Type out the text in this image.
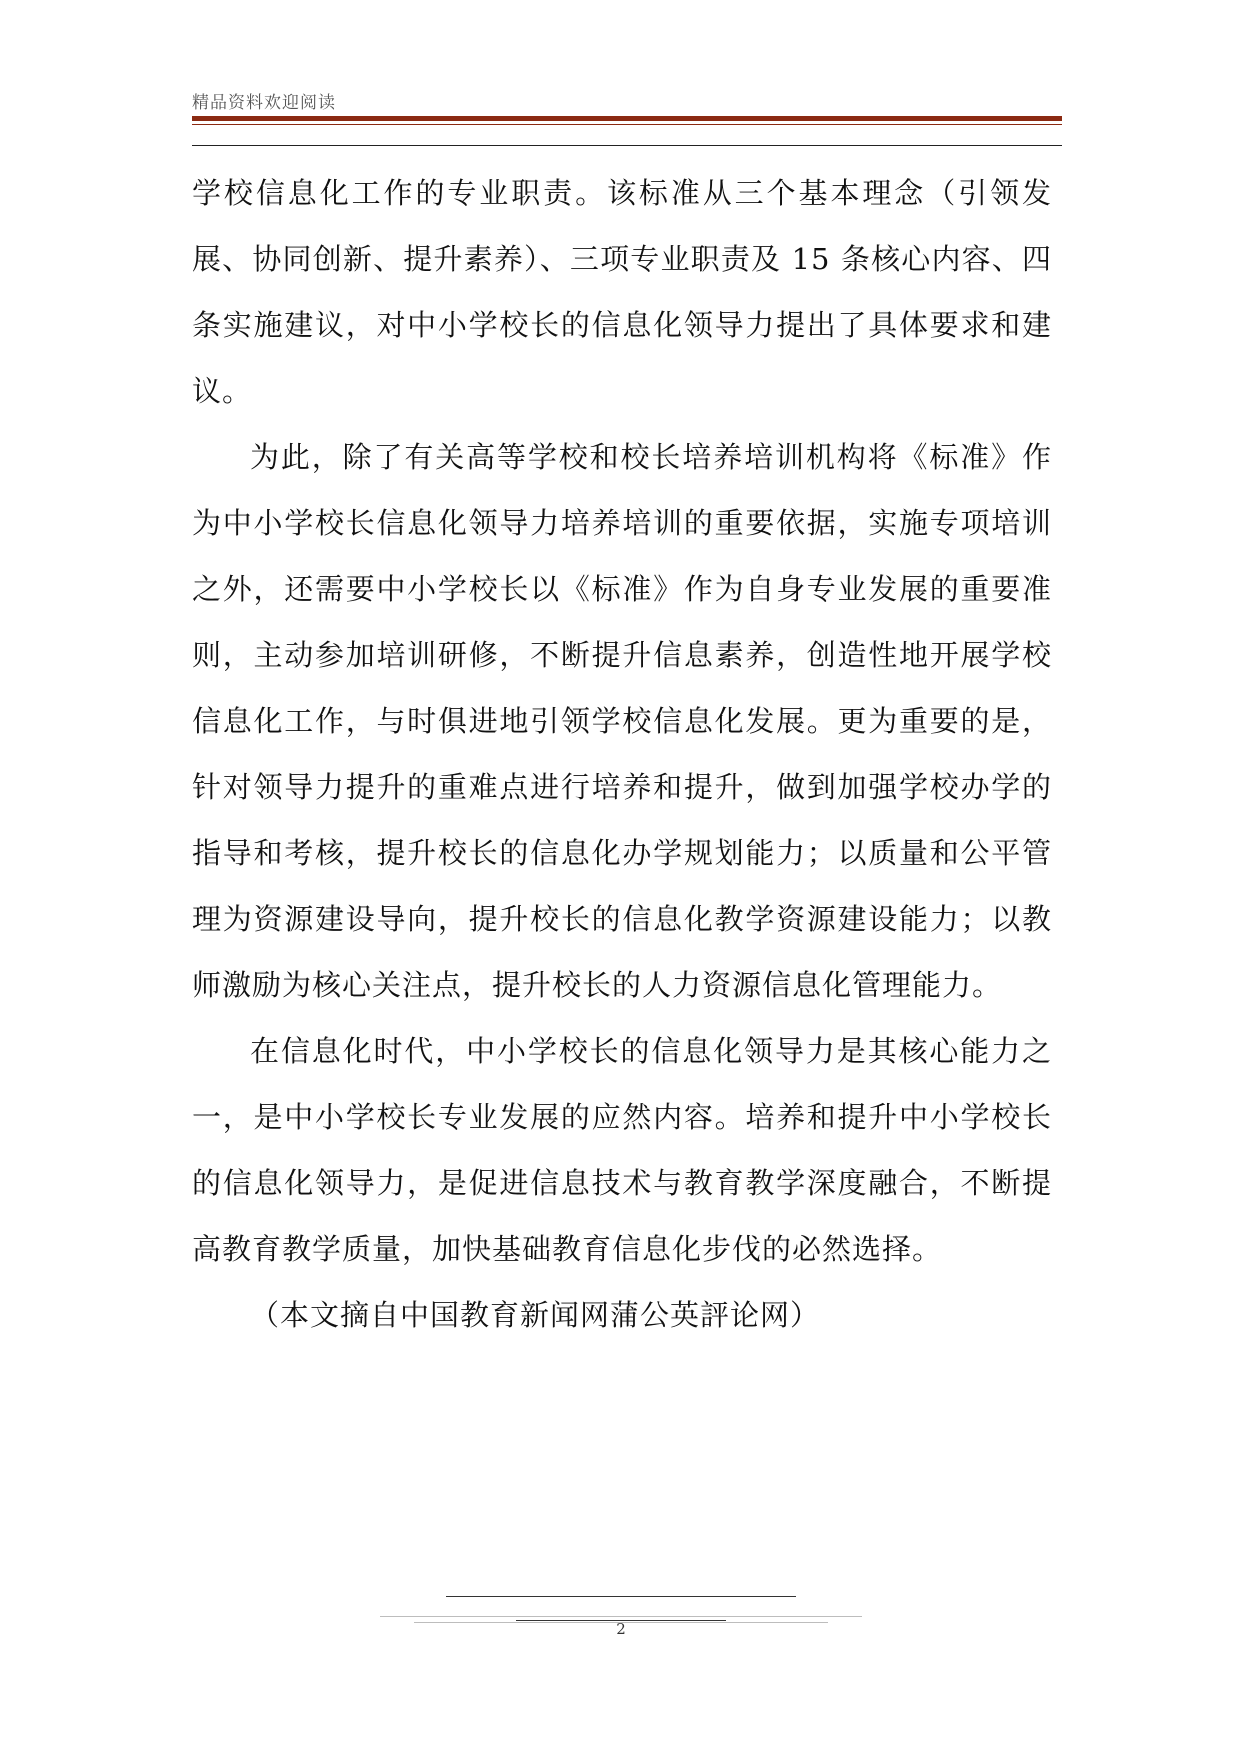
精品资料欢迎阅读

学校信息化工作的专业职责。该标准从三个基本理念（引领发展、协同创新、提升素养）、三项专业职责及 15 条核心内容、四条实施建议，对中小学校长的信息化领导力提出了具体要求和建议。

为此，除了有关高等学校和校长培养培训机构将《标准》作为中小学校长信息化领导力培养培训的重要依据，实施专项培训之外，还需要中小学校长以《标准》作为自身专业发展的重要准则，主动参加培训研修，不断提升信息素养，创造性地开展学校信息化工作，与时俱进地引领学校信息化发展。更为重要的是，针对领导力提升的重难点进行培养和提升，做到加强学校办学的指导和考核，提升校长的信息化办学规划能力；以质量和公平管理为资源建设导向，提升校长的信息化教学资源建设能力；以教师激励为核心关注点，提升校长的人力资源信息化管理能力。

在信息化时代，中小学校长的信息化领导力是其核心能力之一，是中小学校长专业发展的应然内容。培养和提升中小学校长的信息化领导力，是促进信息技术与教育教学深度融合，不断提高教育教学质量，加快基础教育信息化步伐的必然选择。

（本文摘自中国教育新闻网蒲公英評论网）

2
